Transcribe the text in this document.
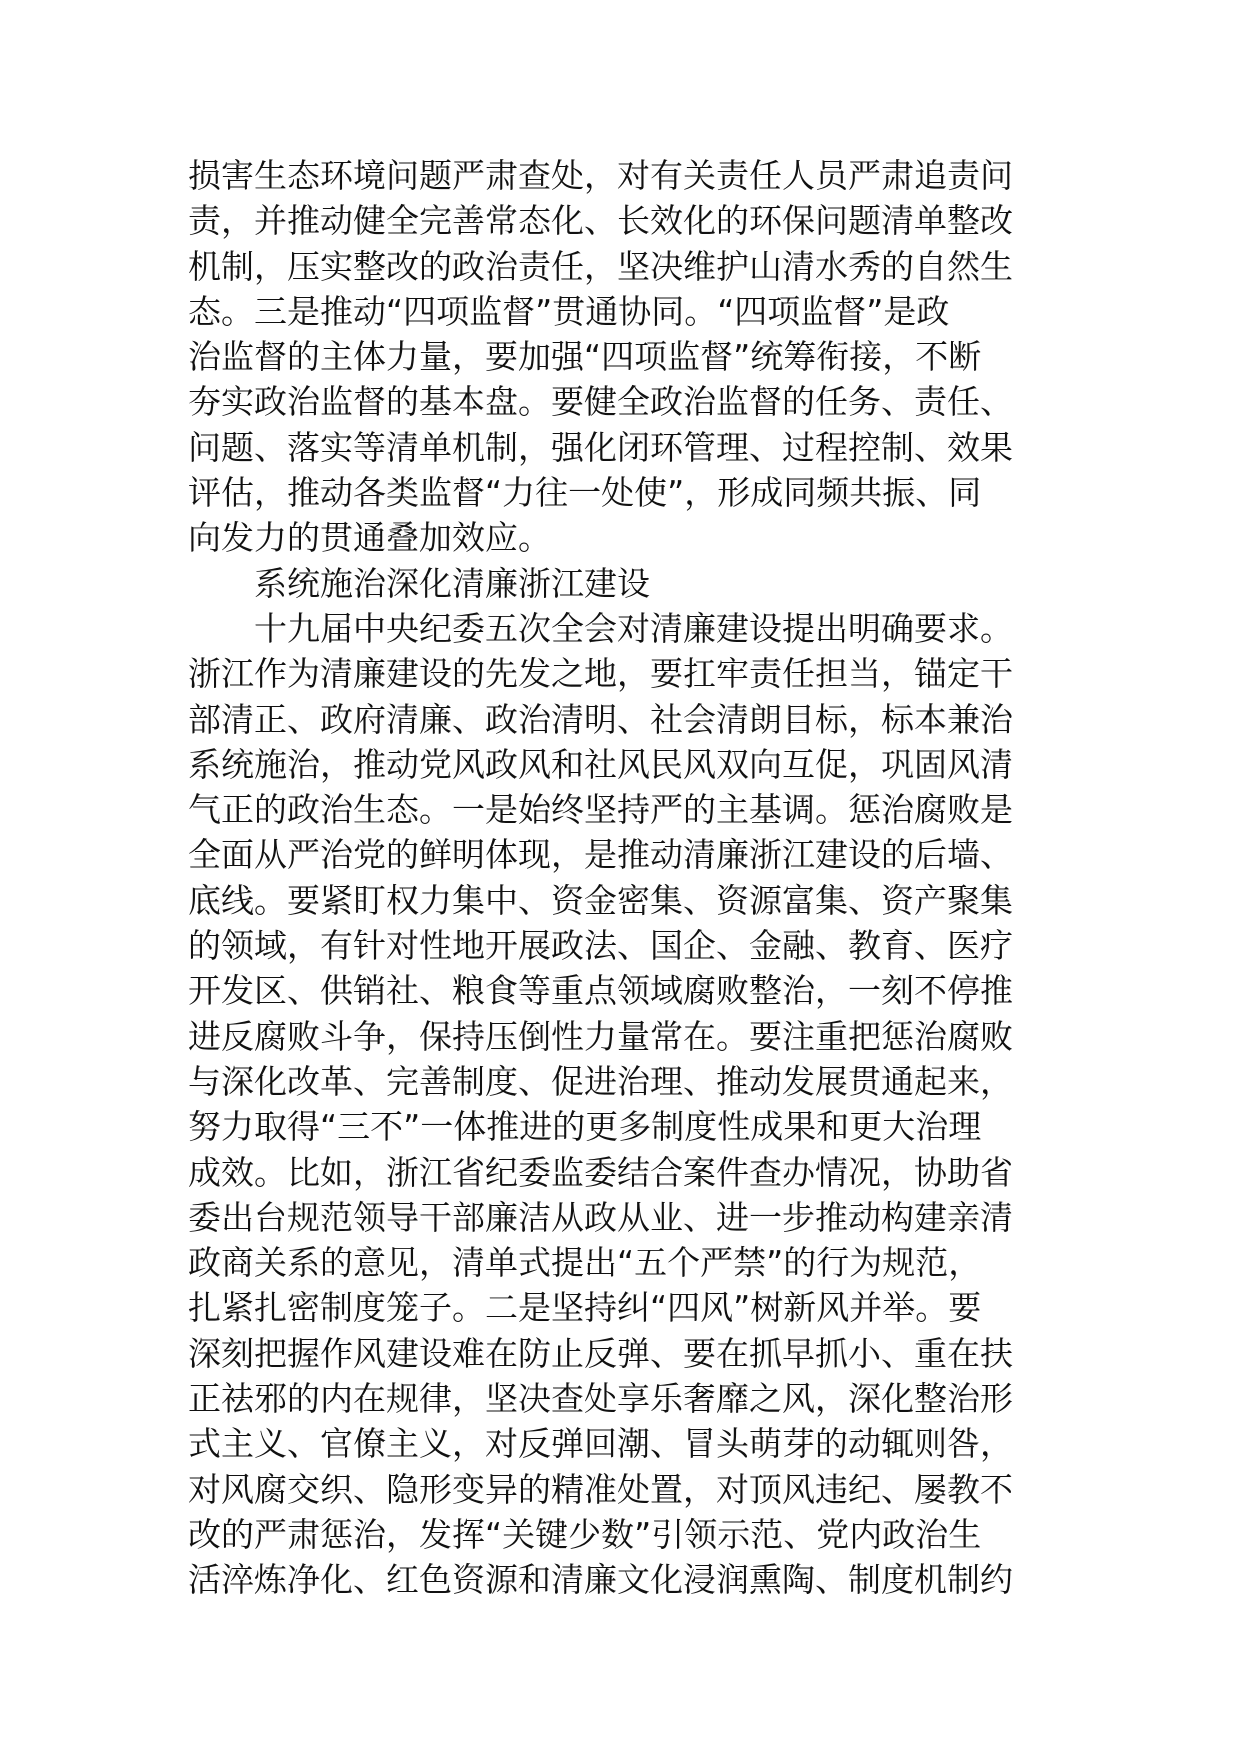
损害生态环境问题严肃查处，对有关责任人员严肃追责问
责，并推动健全完善常态化、长效化的环保问题清单整改
机制，压实整改的政治责任，坚决维护山清水秀的自然生
态。三是推动“四项监督”贯通协同。“四项监督”是政
治监督的主体力量，要加强“四项监督”统筹衔接，不断
夯实政治监督的基本盘。要健全政治监督的任务、责任、
问题、落实等清单机制，强化闭环管理、过程控制、效果
评估，推动各类监督“力往一处使”，形成同频共振、同
向发力的贯通叠加效应。
系统施治深化清廉浙江建设
十九届中央纪委五次全会对清廉建设提出明确要求。
浙江作为清廉建设的先发之地，要扛牢责任担当，锚定干
部清正、政府清廉、政治清明、社会清朗目标，标本兼治
系统施治，推动党风政风和社风民风双向互促，巩固风清
气正的政治生态。一是始终坚持严的主基调。惩治腐败是
全面从严治党的鲜明体现，是推动清廉浙江建设的后墙、
底线。要紧盯权力集中、资金密集、资源富集、资产聚集
的领域，有针对性地开展政法、国企、金融、教育、医疗
开发区、供销社、粮食等重点领域腐败整治，一刻不停推
进反腐败斗争，保持压倒性力量常在。要注重把惩治腐败
与深化改革、完善制度、促进治理、推动发展贯通起来，
努力取得“三不”一体推进的更多制度性成果和更大治理
成效。比如，浙江省纪委监委结合案件查办情况，协助省
委出台规范领导干部廉洁从政从业、进一步推动构建亲清
政商关系的意见，清单式提出“五个严禁”的行为规范，
扎紧扎密制度笼子。二是坚持纠“四风”树新风并举。要
深刻把握作风建设难在防止反弹、要在抓早抓小、重在扶
正祛邪的内在规律，坚决查处享乐奢靡之风，深化整治形
式主义、官僚主义，对反弹回潮、冒头萌芽的动辄则咎，
对风腐交织、隐形变异的精准处置，对顶风违纪、屡教不
改的严肃惩治，发挥“关键少数”引领示范、党内政治生
活淬炼净化、红色资源和清廉文化浸润熏陶、制度机制约
